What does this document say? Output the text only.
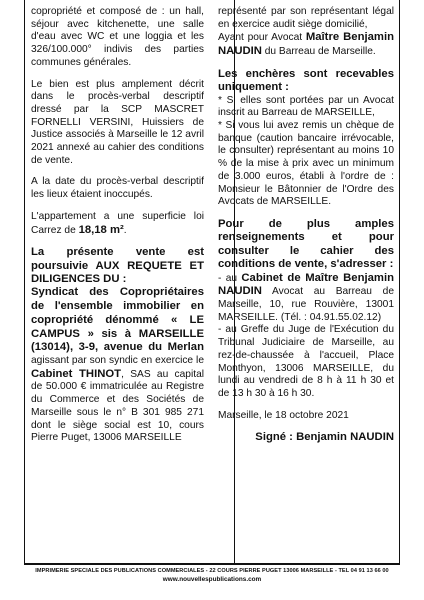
copropriété et composé de : un hall, séjour avec kitchenette, une salle d'eau avec WC et une loggia et les 326/100.000° indivis des parties communes générales.

Le bien est plus amplement décrit dans le procès-verbal descriptif dressé par la SCP MASCRET FORNELLI VERSINI, Huissiers de Justice associés à Marseille le 12 avril 2021 annexé au cahier des conditions de vente.

A la date du procès-verbal descriptif les lieux étaient inoccupés.

L'appartement a une superficie loi Carrez de 18,18 m².

La présente vente est poursuivie AUX REQUETE ET DILIGENCES DU :
Syndicat des Copropriétaires de l'ensemble immobilier en copropriété dénommé « LE CAMPUS » sis à MARSEILLE (13014), 3-9, avenue du Merlan agissant par son syndic en exercice le Cabinet THINOT, SAS au capital de 50.000 € immatriculée au Registre du Commerce et des Sociétés de Marseille sous le n° B 301 985 271 dont le siège social est 10, cours Pierre Puget, 13006 MARSEILLE

représenté par son représentant légal en exercice audit siège domicilié,
Ayant pour Avocat Maître Benjamin NAUDIN du Barreau de Marseille.

Les enchères sont recevables uniquement :
* Si elles sont portées par un Avocat inscrit au Barreau de MARSEILLE,
* Si vous lui avez remis un chèque de banque (caution bancaire irrévocable, le consulter) représentant au moins 10 % de la mise à prix avec un minimum de 3.000 euros, établi à l'ordre de : Monsieur le Bâtonnier de l'Ordre des Avocats de MARSEILLE.

Pour de plus amples renseignements et pour consulter le cahier des conditions de vente, s'adresser :
- au Cabinet de Maître Benjamin NAUDIN Avocat au Barreau de Marseille, 10, rue Rouvière, 13001 MARSEILLE. (Tél. : 04.91.55.02.12)
- au Greffe du Juge de l'Exécution du Tribunal Judiciaire de Marseille, au rez-de-chaussée à l'accueil, Place Monthyon, 13006 MARSEILLE, du lundi au vendredi de 8 h à 11 h 30 et de 13 h 30 à 16 h 30.

Marseille, le 18 octobre 2021

Signé : Benjamin NAUDIN

IMPRIMERIE SPECIALE DES PUBLICATIONS COMMERCIALES - 22 COURS PIERRE PUGET 13006 MARSEILLE - TEL 04 91 13 66 00
www.nouvellespublications.com
